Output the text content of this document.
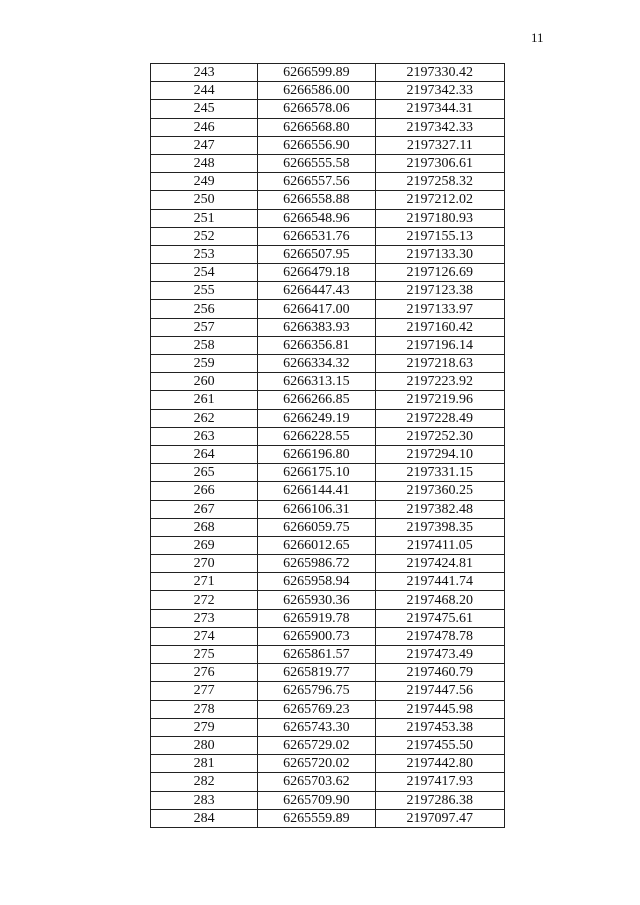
11
243	6266599.89	2197330.42
244	6266586.00	2197342.33
245	6266578.06	2197344.31
246	6266568.80	2197342.33
247	6266556.90	2197327.11
248	6266555.58	2197306.61
249	6266557.56	2197258.32
250	6266558.88	2197212.02
251	6266548.96	2197180.93
252	6266531.76	2197155.13
253	6266507.95	2197133.30
254	6266479.18	2197126.69
255	6266447.43	2197123.38
256	6266417.00	2197133.97
257	6266383.93	2197160.42
258	6266356.81	2197196.14
259	6266334.32	2197218.63
260	6266313.15	2197223.92
261	6266266.85	2197219.96
262	6266249.19	2197228.49
263	6266228.55	2197252.30
264	6266196.80	2197294.10
265	6266175.10	2197331.15
266	6266144.41	2197360.25
267	6266106.31	2197382.48
268	6266059.75	2197398.35
269	6266012.65	2197411.05
270	6265986.72	2197424.81
271	6265958.94	2197441.74
272	6265930.36	2197468.20
273	6265919.78	2197475.61
274	6265900.73	2197478.78
275	6265861.57	2197473.49
276	6265819.77	2197460.79
277	6265796.75	2197447.56
278	6265769.23	2197445.98
279	6265743.30	2197453.38
280	6265729.02	2197455.50
281	6265720.02	2197442.80
282	6265703.62	2197417.93
283	6265709.90	2197286.38
284	6265559.89	2197097.47
